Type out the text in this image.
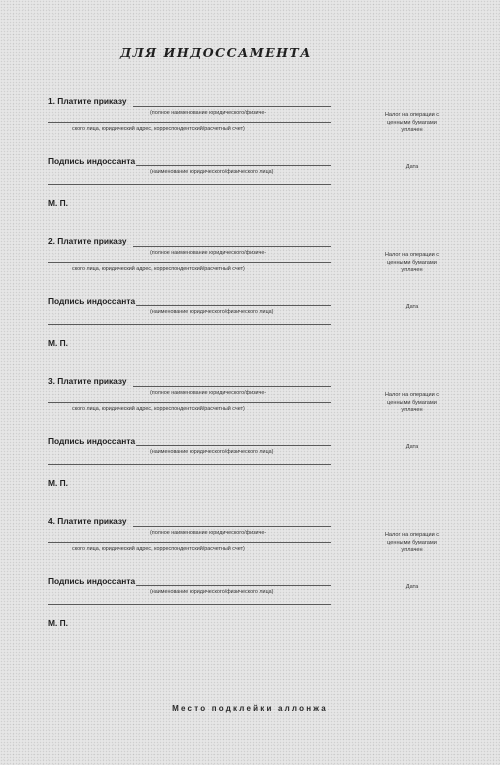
ДЛЯ ИНДОССАМЕНТА
1. Платите приказу
(полное наименование юридического/физиче-
ского лица, юридический адрес, корреспондентский/расчетный счет)
Налог на операции с ценными бумагами уплачен
Подпись индоссанта
(наименование юридического/физического лица)
Дата
М. П.
2. Платите приказу
(полное наименование юридического/физиче-
ского лица, юридический адрес, корреспондентский/расчетный счет)
Налог на операции с ценными бумагами уплачен
Подпись индоссанта
(наименование юридического/физического лица)
Дата
М. П.
3. Платите приказу
(полное наименование юридического/физиче-
ского лица, юридический адрес, корреспондентский/расчетный счет)
Налог на операции с ценными бумагами уплачен
Подпись индоссанта
(наименование юридического/физического лица)
Дата
М. П.
4. Платите приказу
(полное наименование юридического/физиче-
ского лица, юридический адрес, корреспондентский/расчетный счет)
Налог на операции с ценными бумагами уплачен
Подпись индоссанта
(наименование юридического/физического лица)
Дата
М. П.
Место подклейки аллонжа
